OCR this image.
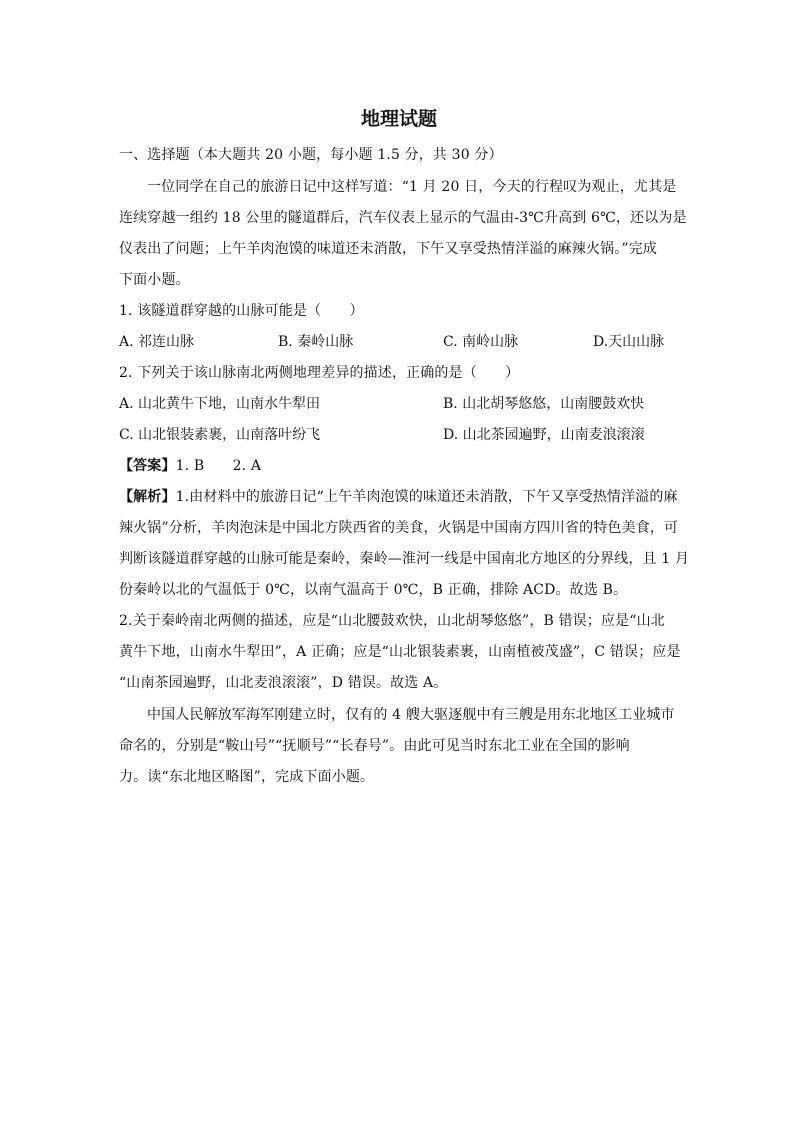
地理试题
一、选择题（本大题共 20 小题，每小题 1.5 分，共 30 分）
一位同学在自己的旅游日记中这样写道：“1 月 20 日，今天的行程叹为观止，尤其是
连续穿越一组约 18 公里的隧道群后，汽车仪表上显示的气温由-3℃升高到 6℃，还以为是
仪表出了问题；上午羊肉泡馍的味道还未消散，下午又享受热情洋溢的麻辣火锅。”完成
下面小题。
1. 该隧道群穿越的山脉可能是（　　）
A. 祁连山脉	B. 秦岭山脉	C. 南岭山脉	D.天山山脉
2. 下列关于该山脉南北两侧地理差异的描述，正确的是（　　）
A. 山北黄牛下地，山南水牛犁田	B. 山北胡琴悠悠，山南腰鼓欢快
C. 山北银装素裹，山南落叶纷飞	D. 山北茶园遍野，山南麦浪滚滚
【答案】1. B　　2. A
【解析】1.由材料中的旅游日记“上午羊肉泡馍的味道还未消散，下午又享受热情洋溢的麻
辣火锅”分析，羊肉泡沫是中国北方陕西省的美食，火锅是中国南方四川省的特色美食，可
判断该隧道群穿越的山脉可能是秦岭，秦岭—淮河一线是中国南北方地区的分界线，且 1 月
份秦岭以北的气温低于 0℃，以南气温高于 0℃，B 正确，排除 ACD。故选 B。
2.关于秦岭南北两侧的描述，应是“山北腰鼓欢快，山北胡琴悠悠”，B 错误；应是“山北
黄牛下地，山南水牛犁田”，A 正确；应是“山北银装素裹，山南植被茂盛”，C 错误；应是
“山南茶园遍野，山北麦浪滚滚”，D 错误。故选 A。
中国人民解放军海军刚建立时，仅有的 4 艘大驱逐舰中有三艘是用东北地区工业城市
命名的，分别是“鞍山号”“抚顺号”“长春号”。由此可见当时东北工业在全国的影响
力。读“东北地区略图”，完成下面小题。
